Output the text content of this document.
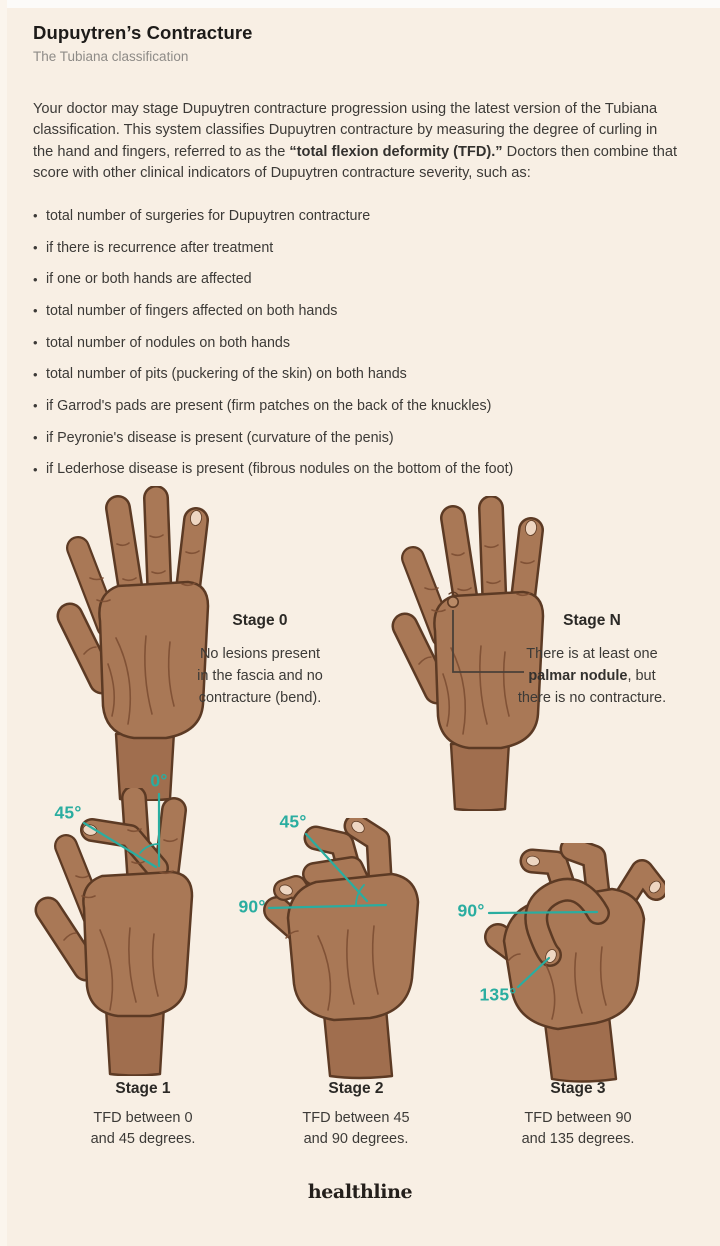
Dupuytren’s Contracture
The Tubiana classification

Your doctor may stage Dupuytren contracture progression using the latest version of the Tubiana classification. This system classifies Dupuytren contracture by measuring the degree of curling in the hand and fingers, referred to as the “total flexion deformity (TFD).” Doctors then combine that score with other clinical indicators of Dupuytren contracture severity, such as:

• total number of surgeries for Dupuytren contracture
• if there is recurrence after treatment
• if one or both hands are affected
• total number of fingers affected on both hands
• total number of nodules on both hands
• total number of pits (puckering of the skin) on both hands
• if Garrod's pads are present (firm patches on the back of the knuckles)
• if Peyronie's disease is present (curvature of the penis)
• if Lederhose disease is present (fibrous nodules on the bottom of the foot)
0°
45°	45°
90°	90°
135°
Stage 0
No lesions present
in the fascia and no
contracture (bend).
Stage N
There is at least one
palmar nodule, but
there is no contracture.
Stage 1
TFD between 0
and 45 degrees.
Stage 2
TFD between 45
and 90 degrees.
Stage 3
TFD between 90
and 135 degrees.
healthline
